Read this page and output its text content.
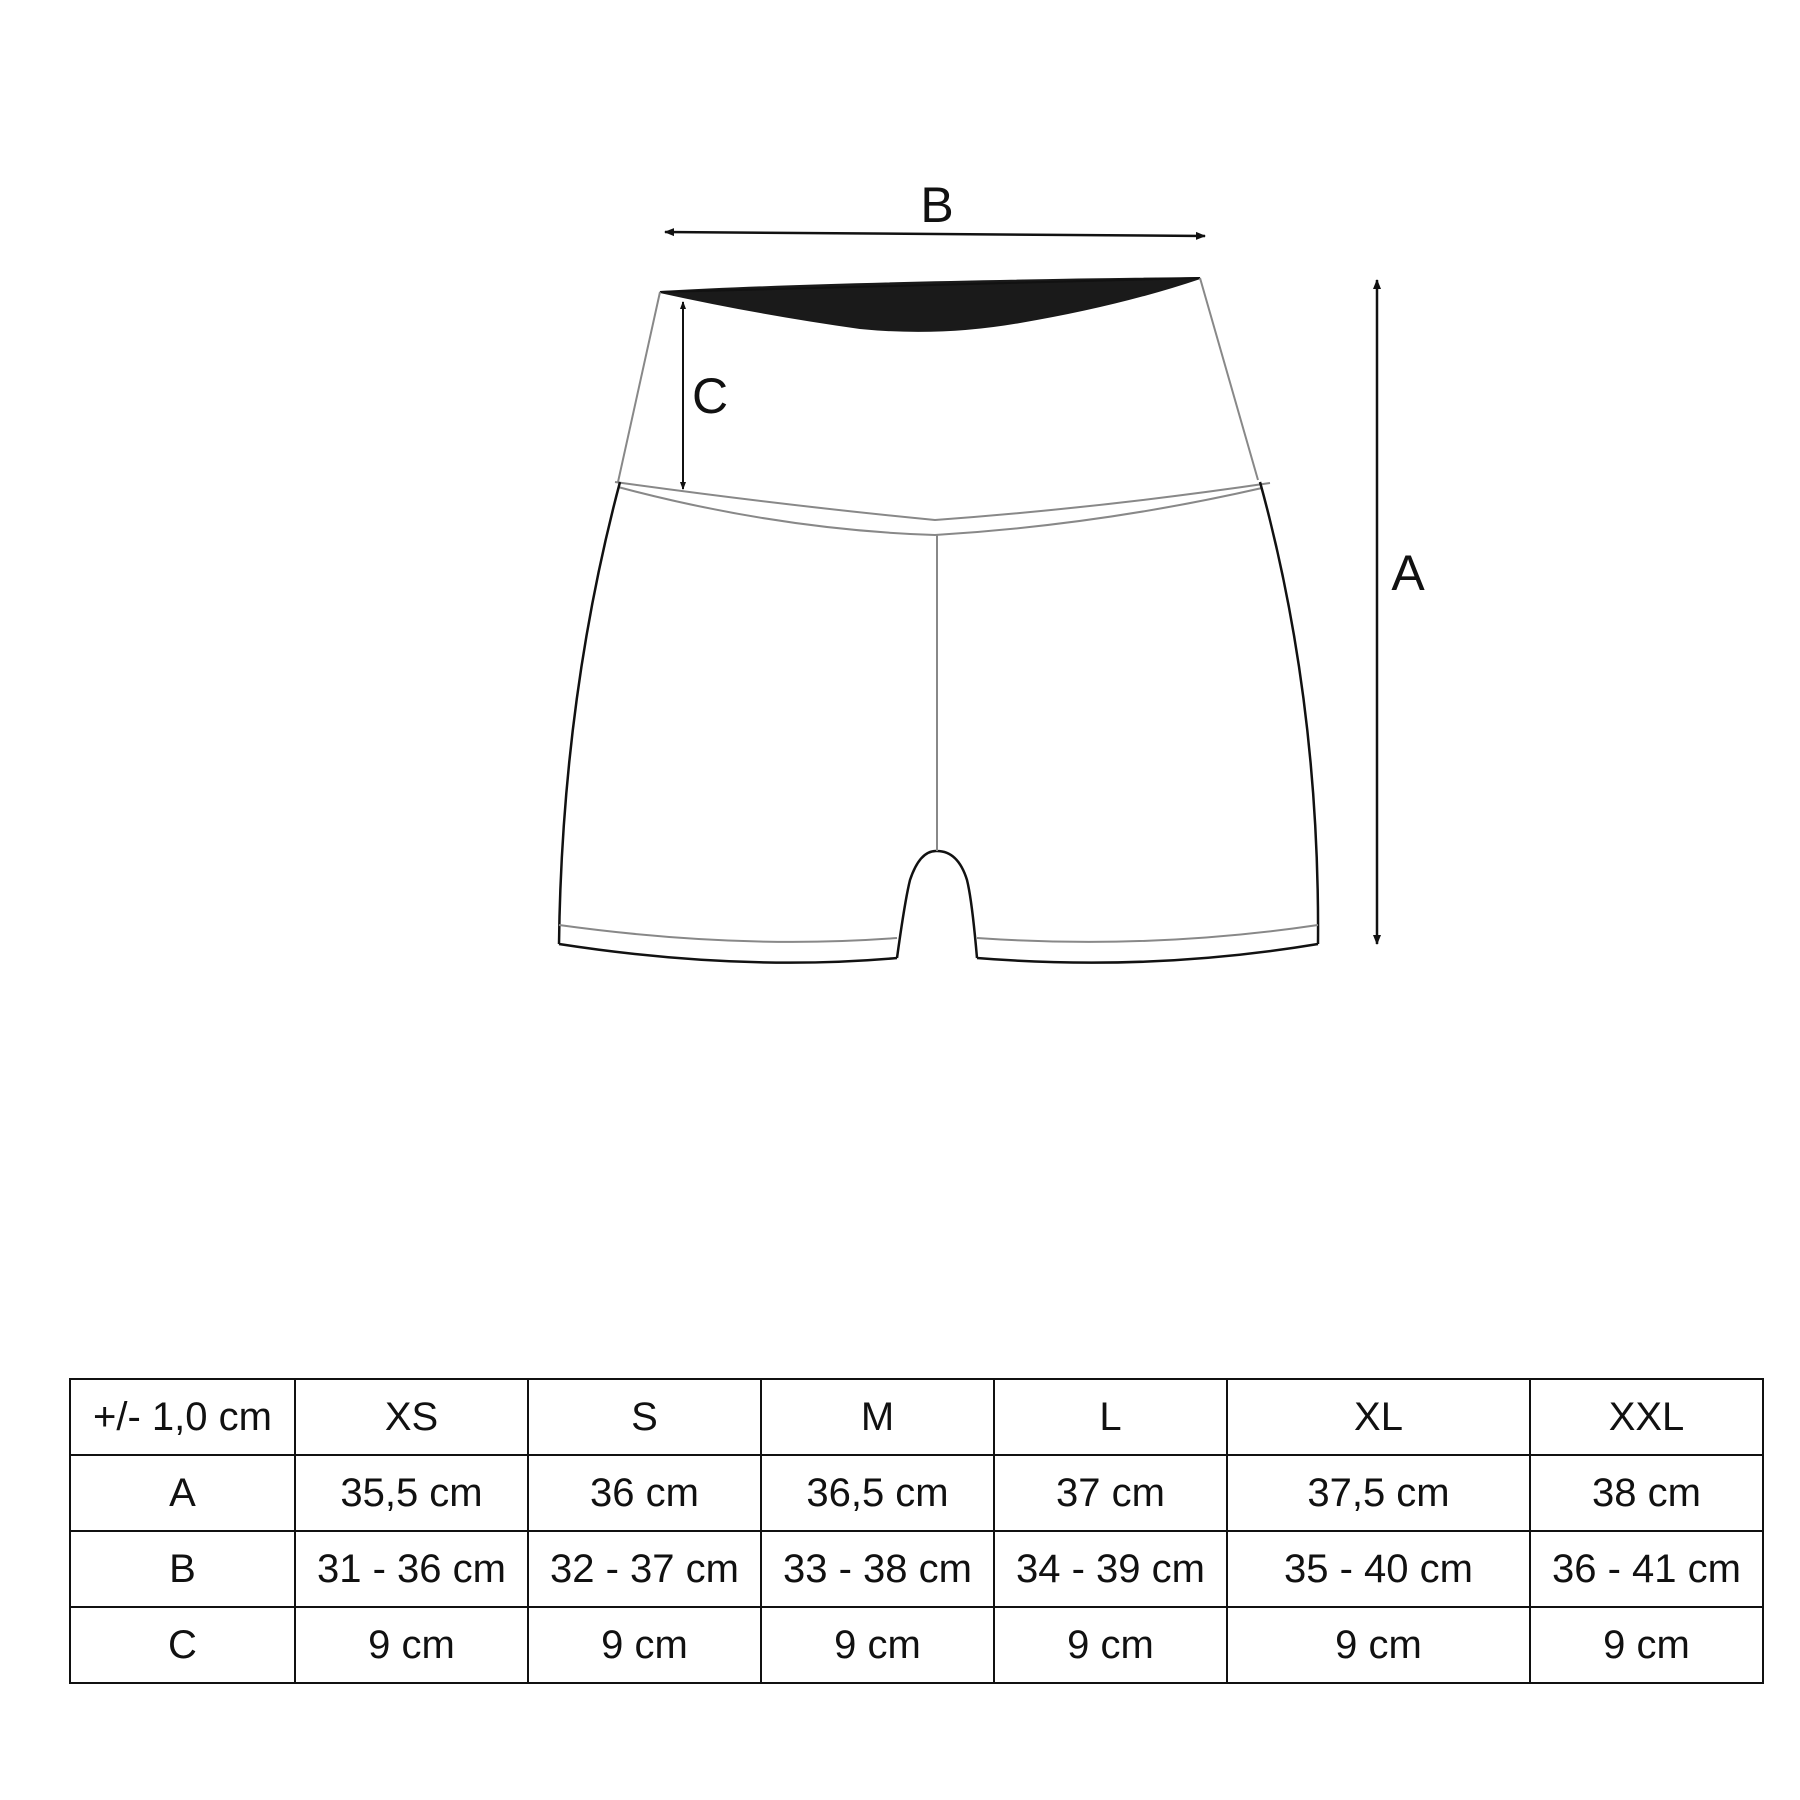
B
A
C
+/- 1,0 cm	XS	S	M	L	XL	XXL
A	35,5 cm	36 cm	36,5 cm	37 cm	37,5 cm	38 cm
B	31 - 36 cm	32 - 37 cm	33 - 38 cm	34 - 39 cm	35 - 40 cm	36 - 41 cm
C	9 cm	9 cm	9 cm	9 cm	9 cm	9 cm
